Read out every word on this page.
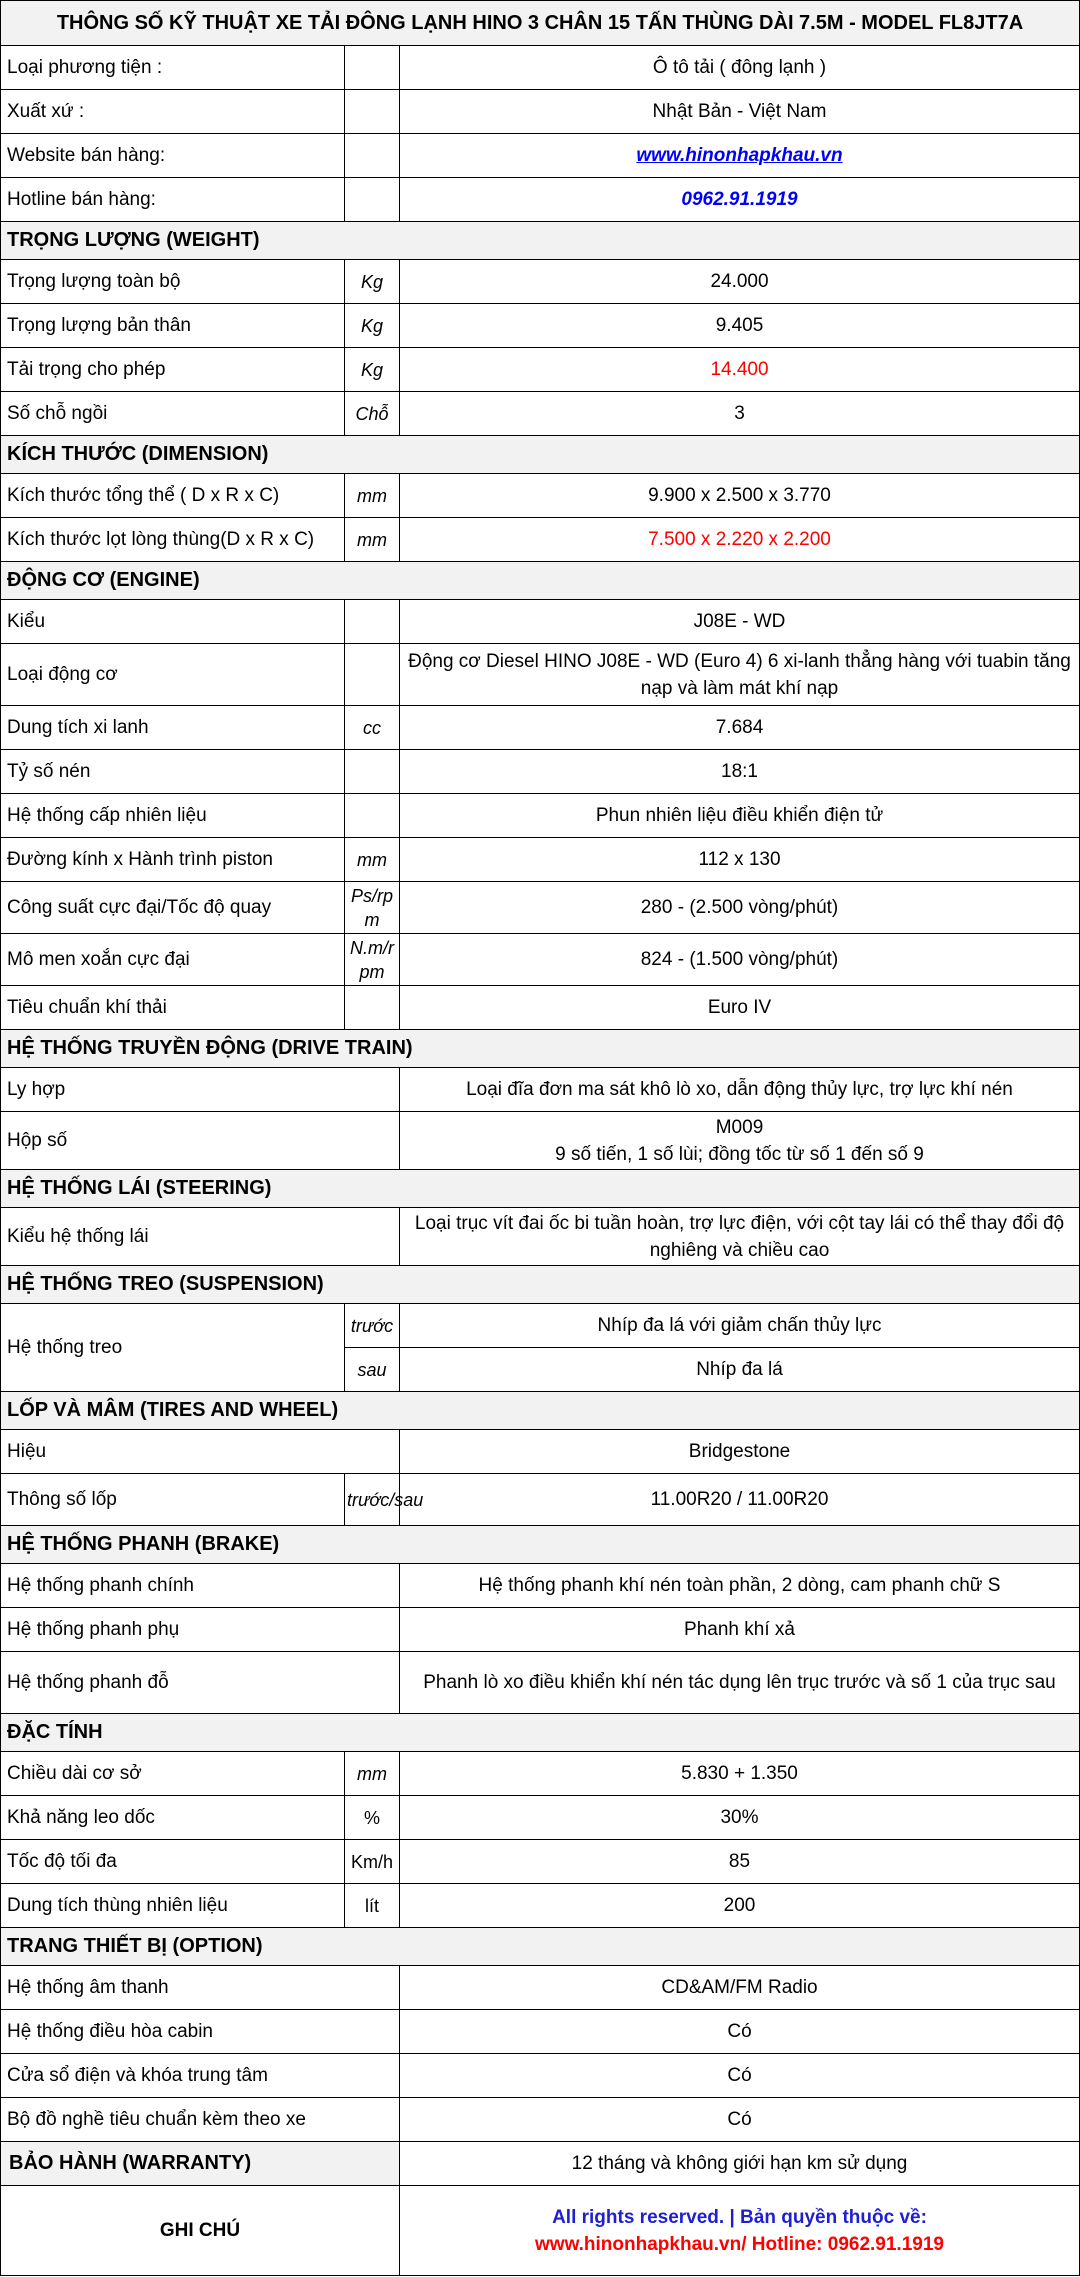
THÔNG SỐ KỸ THUẬT XE TẢI ĐÔNG LẠNH HINO 3 CHÂN 15 TẤN THÙNG DÀI 7.5M - MODEL FL8JT7A		
Loại phương tiện :		Ô tô tải ( đông lạnh )
Xuất xứ :		Nhật Bản - Việt Nam
Website bán hàng:		www.hinonhapkhau.vn
Hotline bán hàng:		0962.91.1919
TRỌNG LƯỢNG (WEIGHT)		
Trọng lượng toàn bộ	Kg	24.000
Trọng lượng bản thân	Kg	9.405
Tải trọng cho phép	Kg	14.400
Số chỗ ngồi	Chỗ	3
KÍCH THƯỚC (DIMENSION)		
Kích thước tổng thể ( D x R x C)	mm	9.900 x 2.500 x 3.770
Kích thước lọt lòng thùng(D x R x C)	mm	7.500 x 2.220 x 2.200
ĐỘNG CƠ (ENGINE)		
Kiểu		J08E - WD
Loại động cơ		Động cơ Diesel HINO J08E - WD (Euro 4) 6 xi-lanh thẳng hàng với tuabin tăng nạp và làm mát khí nạp
Dung tích xi lanh	cc	7.684
Tỷ số nén		18:1
Hệ thống cấp nhiên liệu		Phun nhiên liệu điều khiển điện tử
Đường kính x Hành trình piston	mm	112 x 130
Công suất cực đại/Tốc độ quay	Ps/rpm	280 - (2.500 vòng/phút)
Mô men xoắn cực đại	N.m/rpm	824 - (1.500 vòng/phút)
Tiêu chuẩn khí thải		Euro IV
HỆ THỐNG TRUYỀN ĐỘNG (DRIVE TRAIN)		
Ly hợp		Loại đĩa đơn ma sát khô lò xo, dẫn động thủy lực, trợ lực khí nén
Hộp số		M009
9 số tiến, 1 số lùi; đồng tốc từ số 1 đến số 9

HỆ THỐNG LÁI (STEERING)		
Kiểu hệ thống lái		Loại trục vít đai ốc bi tuần hoàn, trợ lực điện, với cột tay lái có thể thay đổi độ nghiêng và chiều cao
HỆ THỐNG TREO (SUSPENSION)		
Hệ thống treo	trước	Nhíp đa lá với giảm chấn thủy lực
	sau	Nhíp đa lá
LỐP VÀ MÂM (TIRES AND WHEEL)		
Hiệu		Bridgestone
Thông số lốp	trước/sau	11.00R20 / 11.00R20
HỆ THỐNG PHANH (BRAKE)		
Hệ thống phanh chính		Hệ thống phanh khí nén toàn phần, 2 dòng, cam phanh chữ S
Hệ thống phanh phụ		Phanh khí xả
Hệ thống phanh đỗ		Phanh lò xo điều khiển khí nén tác dụng lên trục trước và số 1 của trục sau
ĐẶC TÍNH		
Chiều dài cơ sở	mm	5.830 + 1.350
Khả năng leo dốc	%	30%
Tốc độ tối đa	Km/h	85
Dung tích thùng nhiên liệu	lít	200
TRANG THIẾT BỊ (OPTION)		
Hệ thống âm thanh		CD&AM/FM Radio
Hệ thống điều hòa cabin		Có
Cửa sổ điện và khóa trung tâm		Có
Bộ đồ nghề tiêu chuẩn kèm theo xe		Có
BẢO HÀNH (WARRANTY)		12 tháng và không giới hạn km sử dụng
GHI CHÚ		All rights reserved. | Bản quyền thuộc về:
www.hinonhapkhau.vn/ Hotline: 0962.91.1919
